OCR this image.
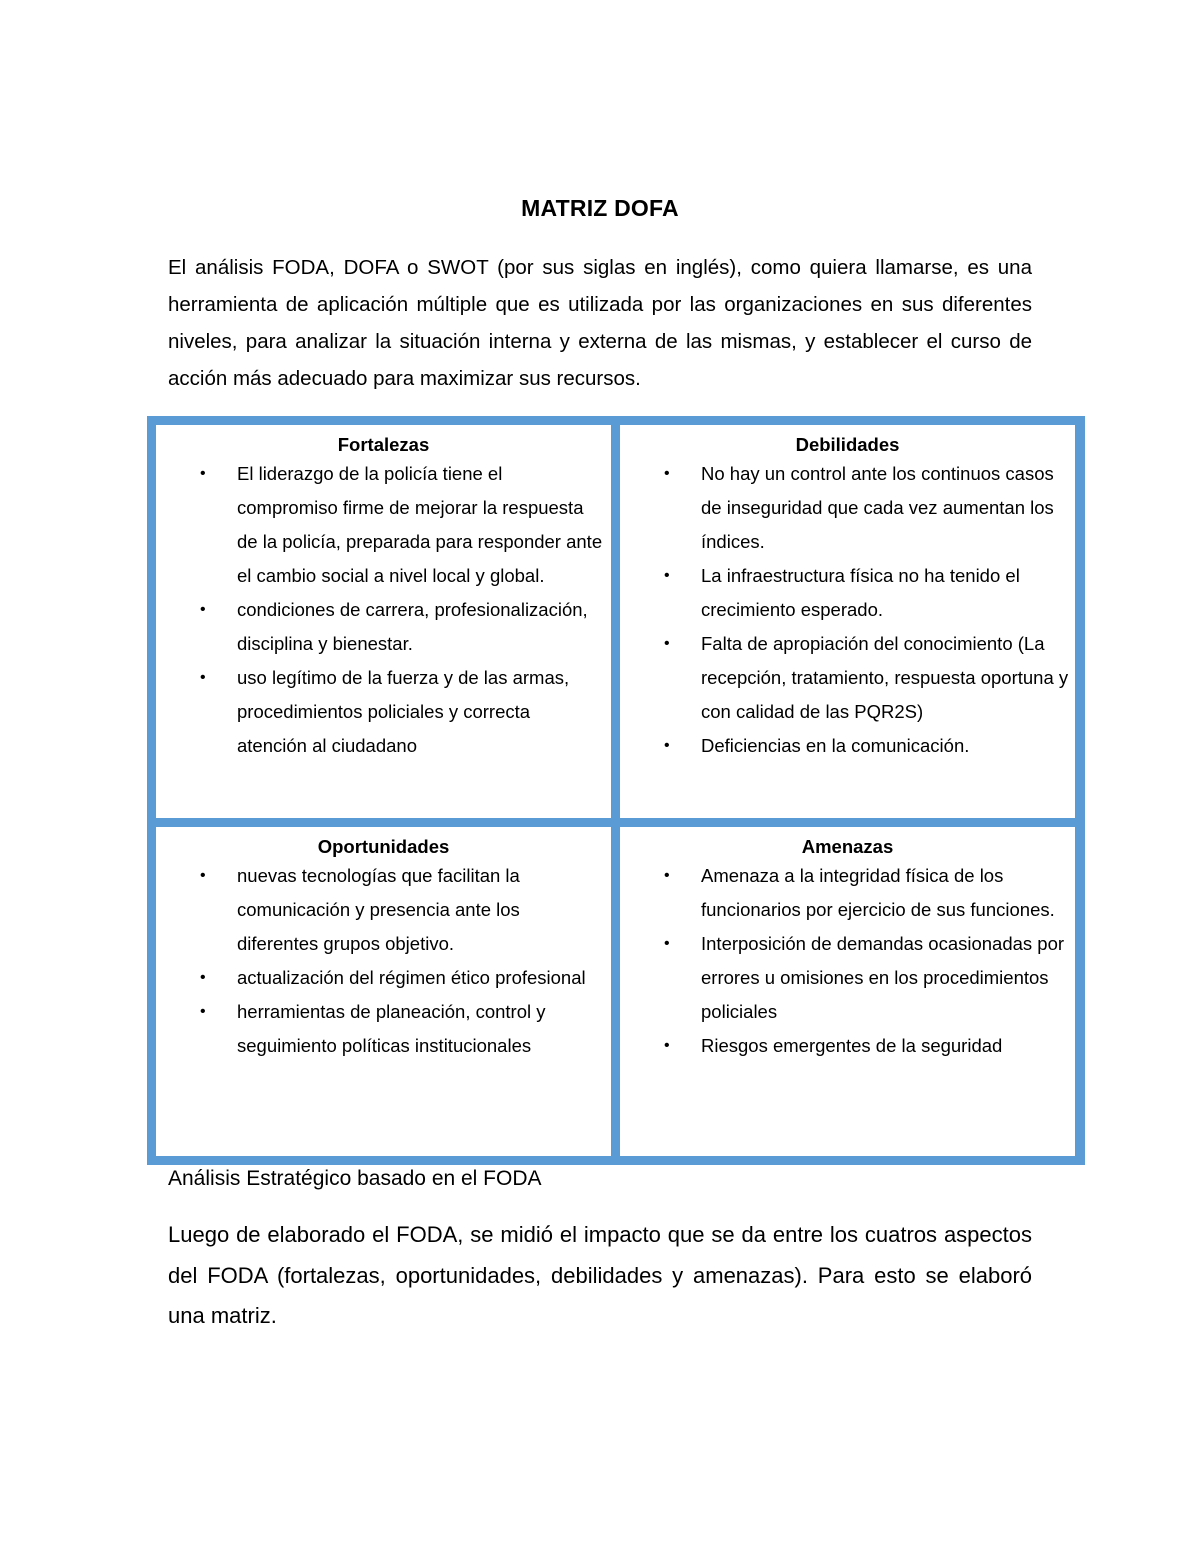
MATRIZ DOFA
El análisis FODA, DOFA o SWOT (por sus siglas en inglés), como quiera llamarse, es una herramienta de aplicación múltiple que es utilizada por las organizaciones en sus diferentes niveles, para analizar la situación interna y externa de las mismas, y establecer el curso de acción más adecuado para maximizar sus recursos.
Fortalezas
• El liderazgo de la policía tiene el compromiso firme de mejorar la respuesta de la policía, preparada para responder ante el cambio social a nivel local y global.
• condiciones de carrera, profesionalización, disciplina y bienestar.
• uso legítimo de la fuerza y de las armas, procedimientos policiales y correcta atención al ciudadano
Debilidades
• No hay un control ante los continuos casos de inseguridad que cada vez aumentan los índices.
• La infraestructura física no ha tenido el crecimiento esperado.
• Falta de apropiación del conocimiento (La recepción, tratamiento, respuesta oportuna y con calidad de las PQR2S)
• Deficiencias en la comunicación.
Oportunidades
• nuevas tecnologías que facilitan la comunicación y presencia ante los diferentes grupos objetivo.
• actualización del régimen ético profesional
• herramientas de planeación, control y seguimiento políticas institucionales
Amenazas
• Amenaza a la integridad física de los funcionarios por ejercicio de sus funciones.
• Interposición de demandas ocasionadas por errores u omisiones en los procedimientos policiales
• Riesgos emergentes de la seguridad
Análisis Estratégico basado en el FODA
Luego de elaborado el FODA, se midió el impacto que se da entre los cuatros aspectos del FODA (fortalezas, oportunidades, debilidades y amenazas). Para esto se elaboró una matriz.
